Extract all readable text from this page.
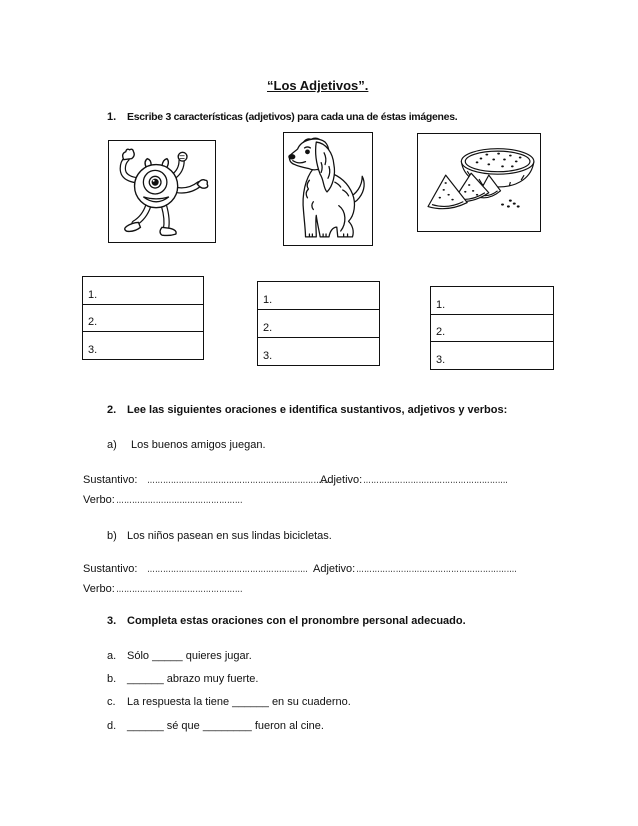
“Los Adjetivos”.
1. Escribe 3 características (adjetivos) para cada una de éstas imágenes.
1.
2.
3.
1.
2.
3.
1.
2.
3.
2. Lee las siguientes oraciones e identifica sustantivos, adjetivos y verbos:
a) Los buenos amigos juegan.
Sustantivo: …………………………………………………………….
Adjetivo: ……………………………………………….
Verbo: …………………………………………
b) Los niños pasean en sus lindas bicicletas.
Sustantivo: ……………………………………………………. Adjetivo: …………………………………………………….
Verbo: …………………………………………
3. Completa estas oraciones con el pronombre personal adecuado.
a. Sólo _____ quieres jugar.
b. ______ abrazo muy fuerte.
c. La respuesta la tiene ______ en su cuaderno.
d. ______ sé que ________ fueron al cine.
